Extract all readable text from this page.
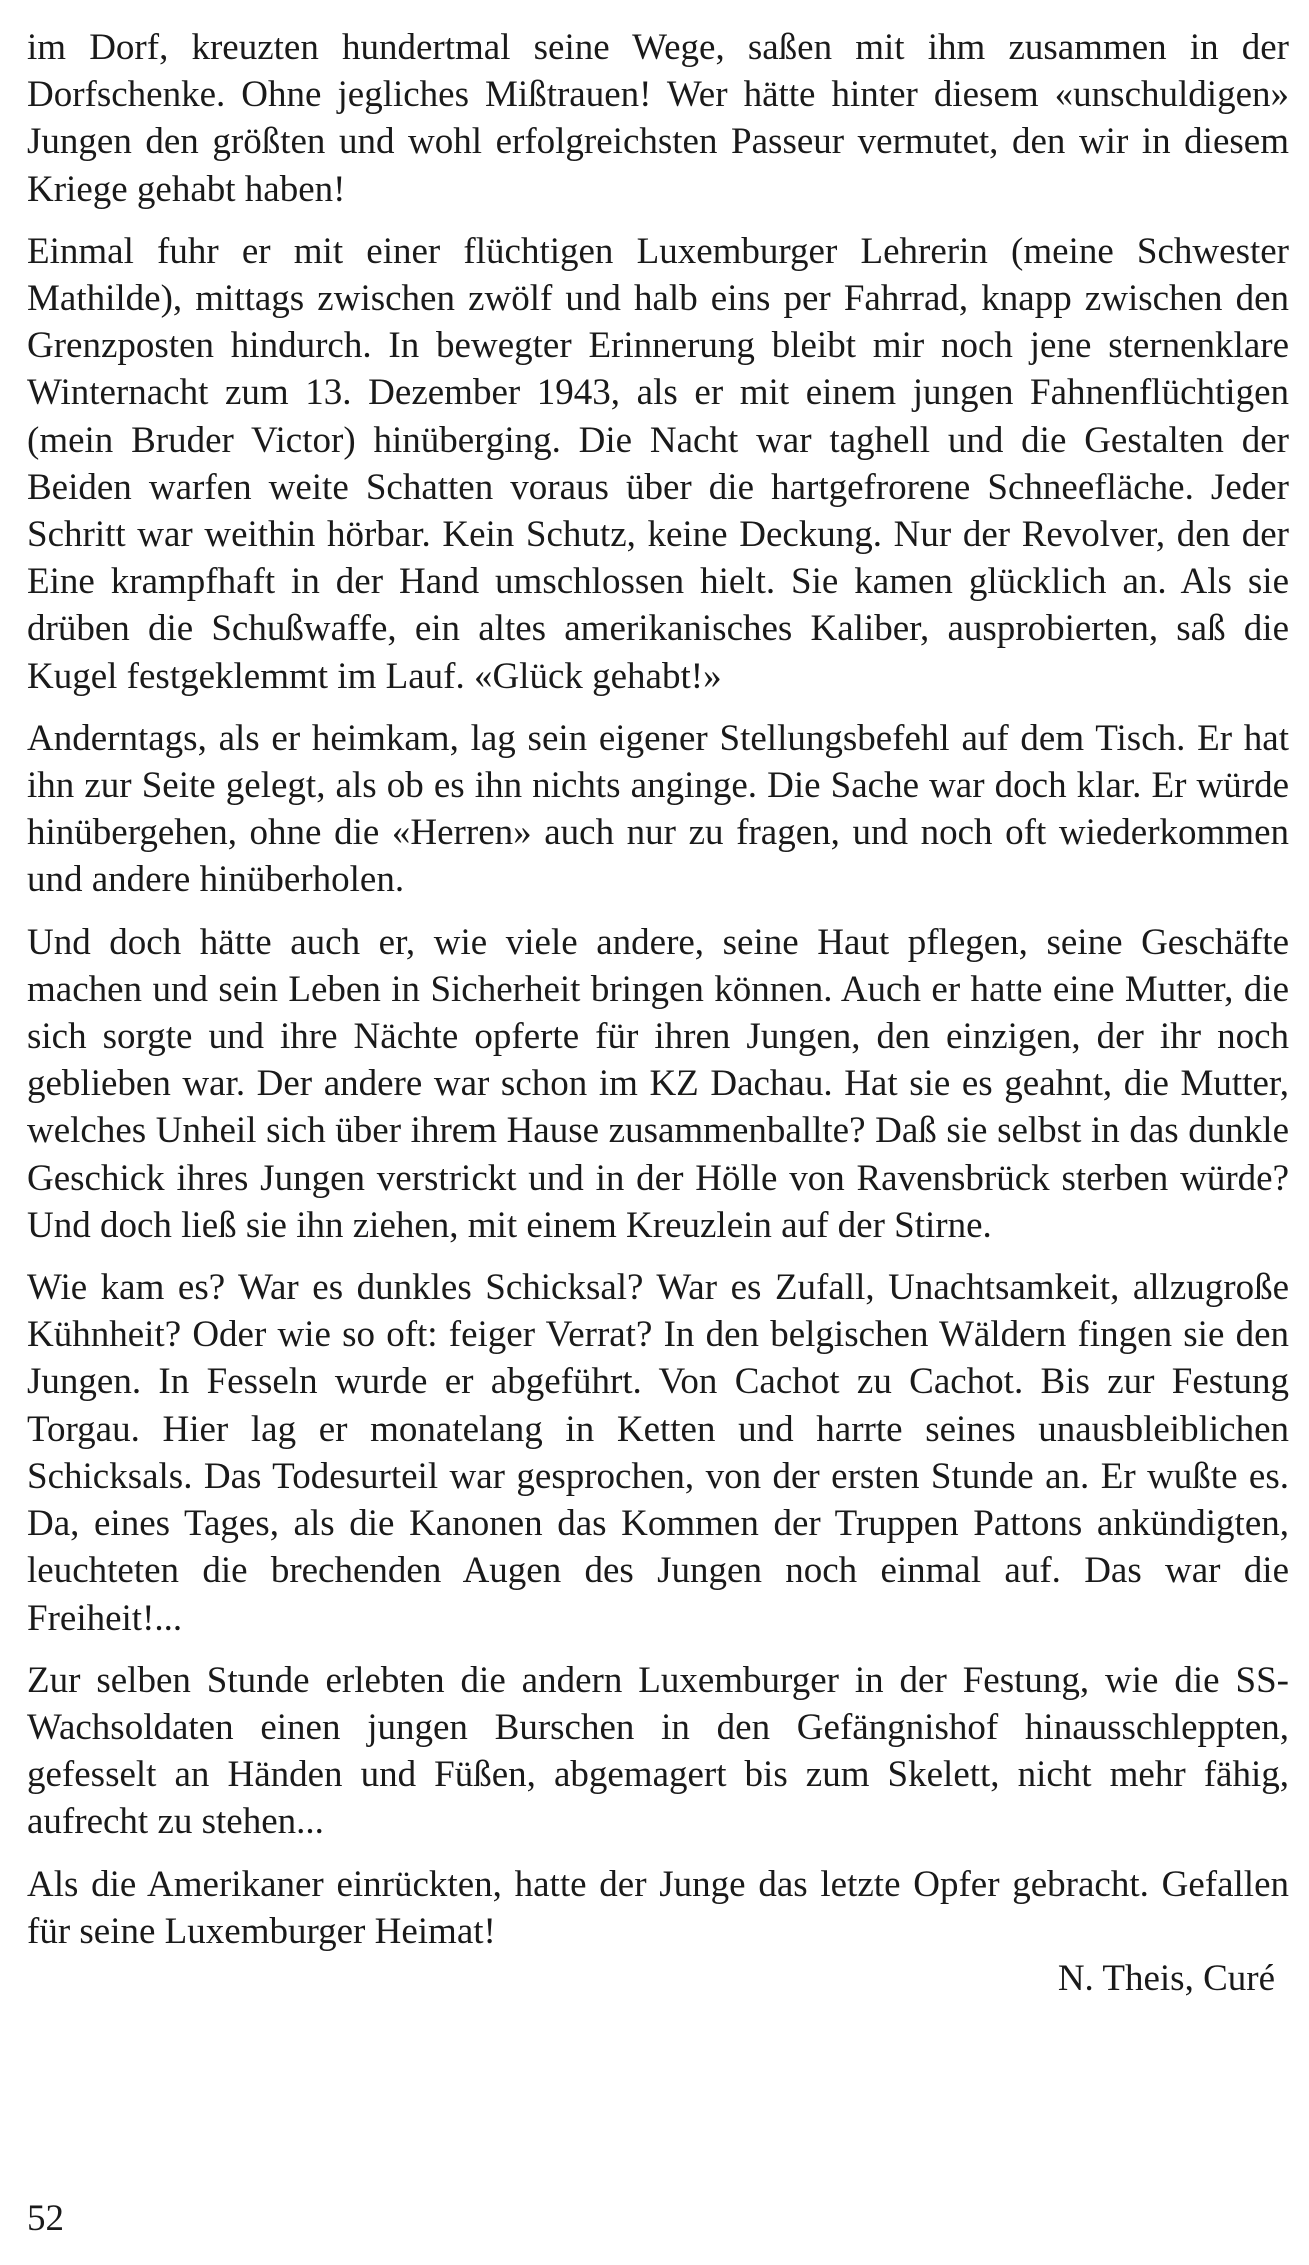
im Dorf, kreuzten hundertmal seine Wege, saßen mit ihm zusammen in der Dorfschenke. Ohne jegliches Mißtrauen! Wer hätte hinter diesem «unschuldigen» Jungen den größten und wohl erfolgreichsten Passeur vermutet, den wir in diesem Kriege gehabt haben!

Einmal fuhr er mit einer flüchtigen Luxemburger Lehrerin (meine Schwester Mathilde), mittags zwischen zwölf und halb eins per Fahrrad, knapp zwischen den Grenzposten hindurch. In bewegter Erinnerung bleibt mir noch jene sternenklare Winternacht zum 13. Dezember 1943, als er mit einem jungen Fahnenflüchtigen (mein Bruder Victor) hinüberging. Die Nacht war taghell und die Gestalten der Beiden warfen weite Schatten voraus über die hartgefrorene Schneefläche. Jeder Schritt war weithin hörbar. Kein Schutz, keine Deckung. Nur der Revolver, den der Eine krampfhaft in der Hand umschlossen hielt. Sie kamen glücklich an. Als sie drüben die Schußwaffe, ein altes amerikanisches Kaliber, ausprobierten, saß die Kugel festgeklemmt im Lauf. «Glück gehabt!»

Anderntags, als er heimkam, lag sein eigener Stellungsbefehl auf dem Tisch. Er hat ihn zur Seite gelegt, als ob es ihn nichts anginge. Die Sache war doch klar. Er würde hinübergehen, ohne die «Herren» auch nur zu fragen, und noch oft wiederkommen und andere hinüberholen.

Und doch hätte auch er, wie viele andere, seine Haut pflegen, seine Geschäfte machen und sein Leben in Sicherheit bringen können. Auch er hatte eine Mutter, die sich sorgte und ihre Nächte opferte für ihren Jungen, den einzigen, der ihr noch geblieben war. Der andere war schon im KZ Dachau. Hat sie es geahnt, die Mutter, welches Unheil sich über ihrem Hause zusammenballte? Daß sie selbst in das dunkle Geschick ihres Jungen verstrickt und in der Hölle von Ravensbrück sterben würde? Und doch ließ sie ihn ziehen, mit einem Kreuzlein auf der Stirne.

Wie kam es? War es dunkles Schicksal? War es Zufall, Unachtsamkeit, allzugroße Kühnheit? Oder wie so oft: feiger Verrat? In den belgischen Wäldern fingen sie den Jungen. In Fesseln wurde er abgeführt. Von Cachot zu Cachot. Bis zur Festung Torgau. Hier lag er monatelang in Ketten und harrte seines unausbleiblichen Schicksals. Das Todesurteil war gesprochen, von der ersten Stunde an. Er wußte es. Da, eines Tages, als die Kanonen das Kommen der Truppen Pattons ankündigten, leuchteten die brechenden Augen des Jungen noch einmal auf. Das war die Freiheit!...

Zur selben Stunde erlebten die andern Luxemburger in der Festung, wie die SS-Wachsoldaten einen jungen Burschen in den Gefängnishof hinausschleppten, gefesselt an Händen und Füßen, abgemagert bis zum Skelett, nicht mehr fähig, aufrecht zu stehen...

Als die Amerikaner einrückten, hatte der Junge das letzte Opfer gebracht. Gefallen für seine Luxemburger Heimat!

N. Theis, Curé

52
